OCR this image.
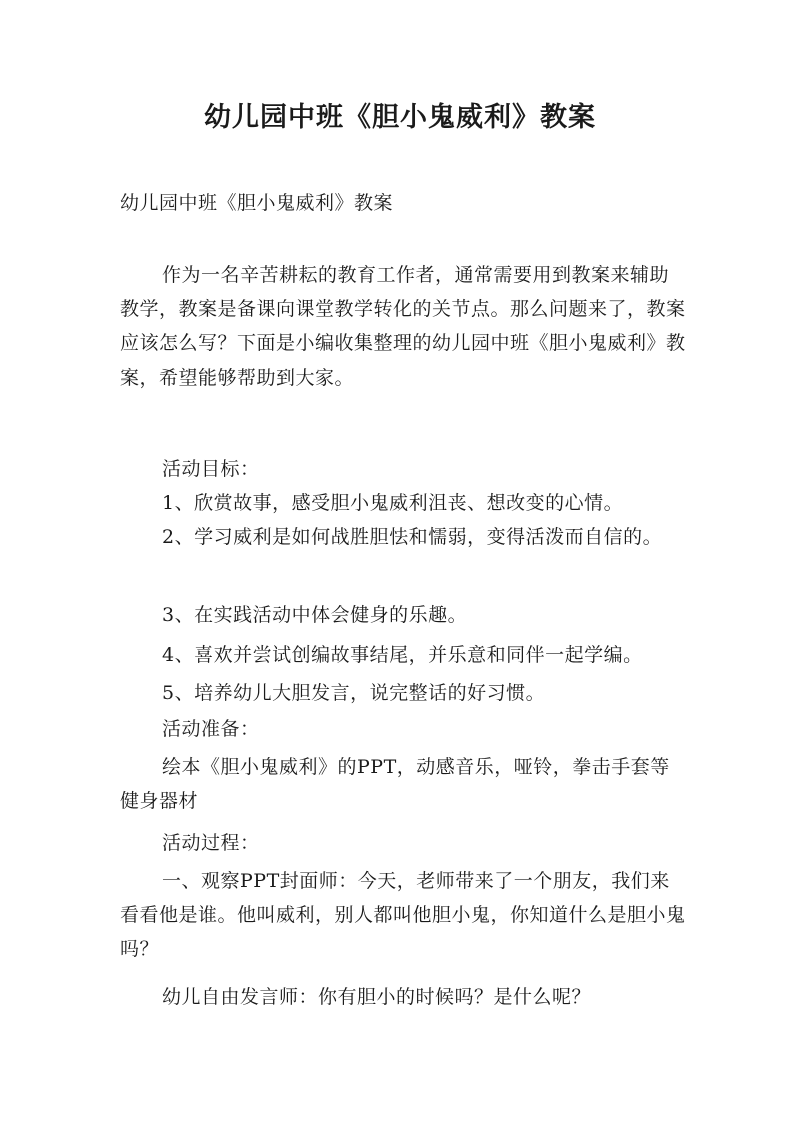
幼儿园中班《胆小鬼威利》教案
幼儿园中班《胆小鬼威利》教案

作为一名辛苦耕耘的教育工作者，通常需要用到教案来辅助教学，教案是备课向课堂教学转化的关节点。那么问题来了，教案应该怎么写？下面是小编收集整理的幼儿园中班《胆小鬼威利》教案，希望能够帮助到大家。

活动目标：
1、欣赏故事，感受胆小鬼威利沮丧、想改变的心情。

2、学习威利是如何战胜胆怯和懦弱，变得活泼而自信的。

3、在实践活动中体会健身的乐趣。
4、喜欢并尝试创编故事结尾，并乐意和同伴一起学编。
5、培养幼儿大胆发言，说完整话的好习惯。
活动准备：

绘本《胆小鬼威利》的PPT，动感音乐，哑铃，拳击手套等健身器材

活动过程：

一、观察PPT封面师：今天，老师带来了一个朋友，我们来看看他是谁。他叫威利，别人都叫他胆小鬼，你知道什么是胆小鬼吗？

幼儿自由发言师：你有胆小的时候吗？是什么呢？
